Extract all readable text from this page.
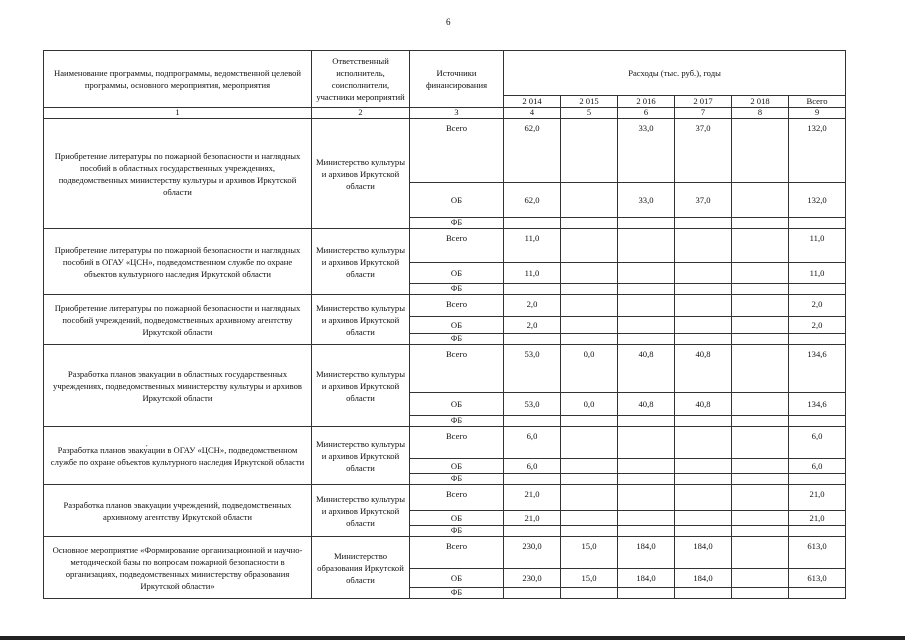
6
Наименование программы, подпрограммы, ведомственной целевой программы, основного мероприятия, мероприятия	Ответственный исполнитель, соисполнители, участники мероприятий	Источники финансирования	Расходы (тыс. руб.), годы					
			2 014	2 015	2 016	2 017	2 018	Всего
1	2	3	4	5	6	7	8	9
Приобретение литературы по пожарной безопасности и наглядных пособий в областных государственных учреждениях, подведомственных министерству культуры и архивов Иркутской области	Министерство культуры и архивов Иркутской области	Всего	62,0		33,0	37,0		132,0
		ОБ	62,0		33,0	37,0		132,0
		ФБ						
Приобретение литературы по пожарной безопасности и наглядных пособий в ОГАУ «ЦСН», подведомственном службе по охране объектов культурного наследия Иркутской области	Министерство культуры и архивов Иркутской области	Всего	11,0					11,0
		ОБ	11,0					11,0
		ФБ						
Приобретение литературы по пожарной безопасности и наглядных пособий учреждений, подведомственных архивному агентству Иркутской области	Министерство культуры и архивов Иркутской области	Всего	2,0					2,0
		ОБ	2,0					2,0
		ФБ						
Разработка планов эвакуации в областных государственных учреждениях, подведомственных министерству культуры и архивов Иркутской области	Министерство культуры и архивов Иркутской области	Всего	53,0	0,0	40,8	40,8		134,6
		ОБ	53,0	0,0	40,8	40,8		134,6
		ФБ						
Разработка планов эваку́ации в ОГАУ «ЦСН», подведомственном службе по охране объектов культурного наследия Иркутской области	Министерство культуры и архивов Иркутской области	Всего	6,0					6,0
		ОБ	6,0					6,0
		ФБ						
Разработка планов эвакуации учреждений, подведомственных архивному агентству Иркутской области	Министерство культуры и архивов Иркутской области	Всего	21,0					21,0
		ОБ	21,0					21,0
		ФБ						
Основное мероприятие «Формирование организационной и научно-методической базы по вопросам пожарной безопасности в организациях, подведомственных министерству образования Иркутской области»	Министерство образования Иркутской области	Всего	230,0	15,0	184,0	184,0		613,0
		ОБ	230,0	15,0	184,0	184,0		613,0
		ФБ						
